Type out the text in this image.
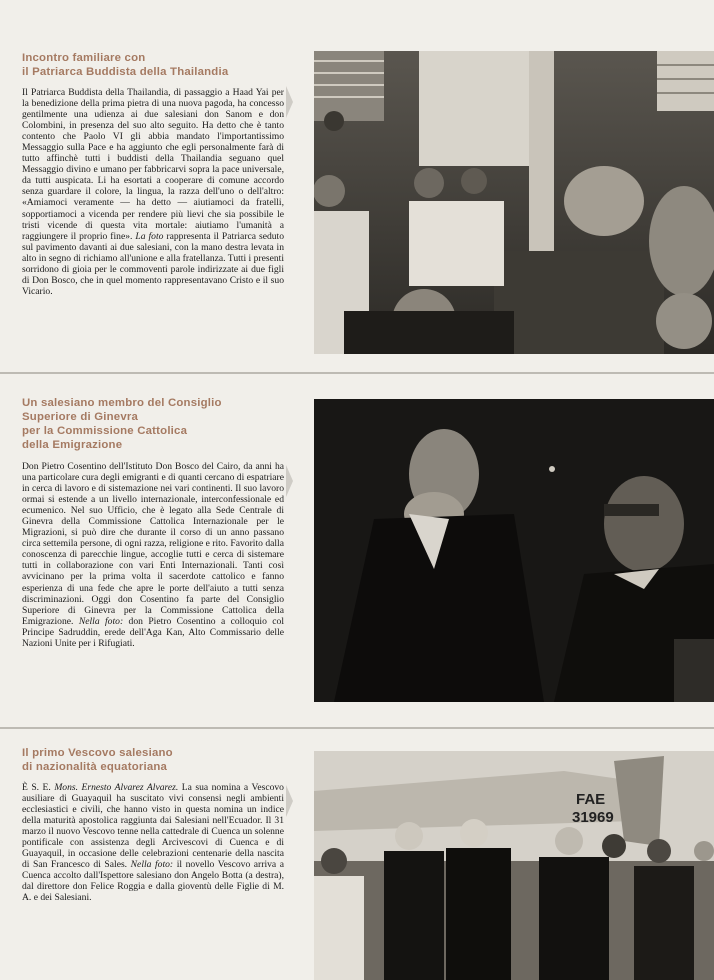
Incontro familiare con
il Patriarca Buddista della Thailandia

Il Patriarca Buddista della Thailandia, di passaggio a Haad Yai per la benedizione della prima pietra di una nuova pagoda, ha concesso gentilmente una udienza ai due salesiani don Sanom e don Colombini, in presenza del suo alto seguito. Ha detto che è tanto contento che Paolo VI gli abbia mandato l'importantissimo Messaggio sulla Pace e ha aggiunto che egli personalmente farà di tutto affinchè tutti i buddisti della Thailandia seguano quel Messaggio divino e umano per fabbricarvi sopra la pace universale, da tutti auspicata. Li ha esortati a cooperare di comune accordo senza guardare il colore, la lingua, la razza dell'uno o dell'altro: «Amiamoci veramente — ha detto — aiutiamoci da fratelli, sopportiamoci a vicenda per rendere più lievi che sia possibile le tristi vicende di questa vita mortale: aiutiamo l'umanità a raggiungere il proprio fine». La foto rappresenta il Patriarca seduto sul pavimento davanti ai due salesiani, con la mano destra levata in alto in segno di richiamo all'unione e alla fratellanza. Tutti i presenti sorridono di gioia per le commoventi parole indirizzate ai due figli di Don Bosco, che in quel momento rappresentavano Cristo e il suo Vicario.

Un salesiano membro del Consiglio
Superiore di Ginevra
per la Commissione Cattolica
della Emigrazione

Don Pietro Cosentino dell'Istituto Don Bosco del Cairo, da anni ha una particolare cura degli emigranti e di quanti cercano di espatriare in cerca di lavoro e di sistemazione nei vari continenti. Il suo lavoro ormai si estende a un livello internazionale, interconfessionale ed ecumenico. Nel suo Ufficio, che è legato alla Sede Centrale di Ginevra della Commissione Cattolica Internazionale per le Migrazioni, si può dire che durante il corso di un anno passano circa settemila persone, di ogni razza, religione e rito. Favorito dalla conoscenza di parecchie lingue, accoglie tutti e cerca di sistemare tutti in collaborazione con vari Enti Internazionali. Tanti così avvicinano per la prima volta il sacerdote cattolico e fanno esperienza di una fede che apre le porte dell'aiuto a tutti senza discriminazioni. Oggi don Cosentino fa parte del Consiglio Superiore di Ginevra per la Commissione Cattolica della Emigrazione. Nella foto: don Pietro Cosentino a colloquio col Principe Sadruddin, erede dell'Aga Kan, Alto Commissario delle Nazioni Unite per i Rifugiati.

Il primo Vescovo salesiano
di nazionalità equatoriana

È S. E. Mons. Ernesto Alvarez Alvarez. La sua nomina a Vescovo ausiliare di Guayaquil ha suscitato vivi consensi negli ambienti ecclesiastici e civili, che hanno visto in questa nomina un indice della maturità apostolica raggiunta dai Salesiani nell'Ecuador. Il 31 marzo il nuovo Vescovo tenne nella cattedrale di Cuenca un solenne pontificale con assistenza degli Arcivescovi di Cuenca e di Guayaquil, in occasione delle celebrazioni centenarie della nascita di San Francesco di Sales. Nella foto: il novello Vescovo arriva a Cuenca accolto dall'Ispettore salesiano don Angelo Botta (a destra), dal direttore don Felice Roggia e dalla gioventù delle Figlie di M. A. e dei Salesiani.

FAE
31969
